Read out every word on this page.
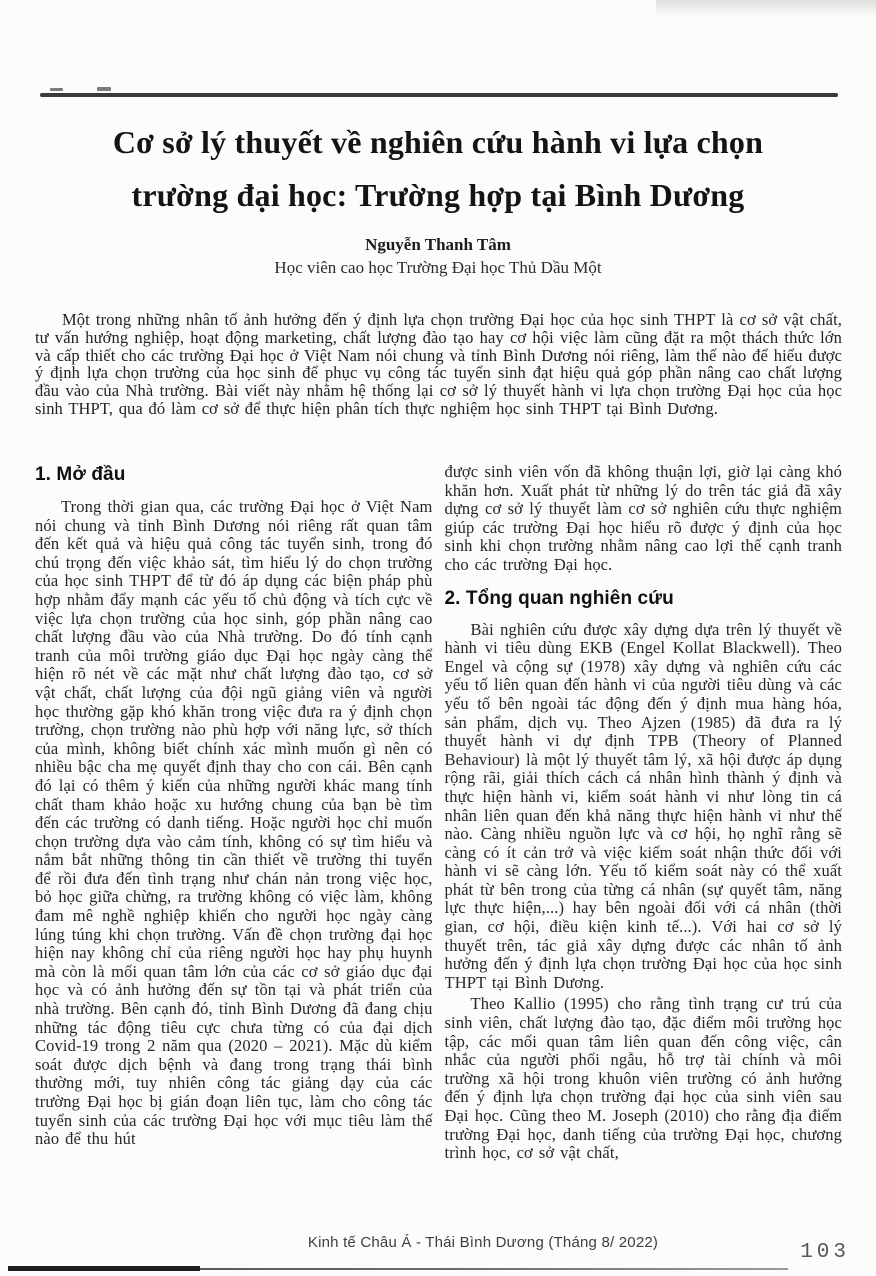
Cơ sở lý thuyết về nghiên cứu hành vi lựa chọn
trường đại học: Trường hợp tại Bình Dương
Nguyễn Thanh Tâm
Học viên cao học Trường Đại học Thủ Dầu Một

Một trong những nhân tố ảnh hưởng đến ý định lựa chọn trường Đại học của học sinh THPT là cơ sở vật chất, tư vấn hướng nghiệp, hoạt động marketing, chất lượng đào tạo hay cơ hội việc làm cũng đặt ra một thách thức lớn và cấp thiết cho các trường Đại học ở Việt Nam nói chung và tỉnh Bình Dương nói riêng, làm thế nào để hiểu được ý định lựa chọn trường của học sinh để phục vụ công tác tuyển sinh đạt hiệu quả góp phần nâng cao chất lượng đầu vào của Nhà trường. Bài viết này nhằm hệ thống lại cơ sở lý thuyết hành vi lựa chọn trường Đại học của học sinh THPT, qua đó làm cơ sở để thực hiện phân tích thực nghiệm học sinh THPT tại Bình Dương.

1. Mở đầu

Trong thời gian qua, các trường Đại học ở Việt Nam nói chung và tỉnh Bình Dương nói riêng rất quan tâm đến kết quả và hiệu quả công tác tuyển sinh, trong đó chú trọng đến việc khảo sát, tìm hiểu lý do chọn trường của học sinh THPT để từ đó áp dụng các biện pháp phù hợp nhằm đẩy mạnh các yếu tố chủ động và tích cực về việc lựa chọn trường của học sinh, góp phần nâng cao chất lượng đầu vào của Nhà trường. Do đó tính cạnh tranh của môi trường giáo dục Đại học ngày càng thể hiện rõ nét về các mặt như chất lượng đào tạo, cơ sở vật chất, chất lượng của đội ngũ giảng viên và người học thường gặp khó khăn trong việc đưa ra ý định chọn trường, chọn trường nào phù hợp với năng lực, sở thích của mình, không biết chính xác mình muốn gì nên có nhiều bậc cha mẹ quyết định thay cho con cái. Bên cạnh đó lại có thêm ý kiến của những người khác mang tính chất tham khảo hoặc xu hướng chung của bạn bè tìm đến các trường có danh tiếng. Hoặc người học chỉ muốn chọn trường dựa vào cảm tính, không có sự tìm hiểu và nắm bắt những thông tin cần thiết về trường thi tuyển để rồi đưa đến tình trạng như chán nản trong việc học, bỏ học giữa chừng, ra trường không có việc làm, không đam mê nghề nghiệp khiến cho người học ngày càng lúng túng khi chọn trường. Vấn đề chọn trường đại học hiện nay không chỉ của riêng người học hay phụ huynh mà còn là mối quan tâm lớn của các cơ sở giáo dục đại học và có ảnh hưởng đến sự tồn tại và phát triển của nhà trường. Bên cạnh đó, tỉnh Bình Dương đã đang chịu những tác động tiêu cực chưa từng có của đại dịch Covid-19 trong 2 năm qua (2020 – 2021). Mặc dù kiểm soát được dịch bệnh và đang trong trạng thái bình thường mới, tuy nhiên công tác giảng dạy của các trường Đại học bị gián đoạn liên tục, làm cho công tác tuyển sinh của các trường Đại học với mục tiêu làm thế nào để thu hút

được sinh viên vốn đã không thuận lợi, giờ lại càng khó khăn hơn. Xuất phát từ những lý do trên tác giả đã xây dựng cơ sở lý thuyết làm cơ sở nghiên cứu thực nghiệm giúp các trường Đại học hiểu rõ được ý định của học sinh khi chọn trường nhằm nâng cao lợi thế cạnh tranh cho các trường Đại học.

2. Tổng quan nghiên cứu

Bài nghiên cứu được xây dựng dựa trên lý thuyết về hành vi tiêu dùng EKB (Engel Kollat Blackwell). Theo Engel và cộng sự (1978) xây dựng và nghiên cứu các yếu tố liên quan đến hành vi của người tiêu dùng và các yếu tố bên ngoài tác động đến ý định mua hàng hóa, sản phẩm, dịch vụ. Theo Ajzen (1985) đã đưa ra lý thuyết hành vi dự định TPB (Theory of Planned Behaviour) là một lý thuyết tâm lý, xã hội được áp dụng rộng rãi, giải thích cách cá nhân hình thành ý định và thực hiện hành vi, kiểm soát hành vi như lòng tin cá nhân liên quan đến khả năng thực hiện hành vi như thế nào. Càng nhiều nguồn lực và cơ hội, họ nghĩ rằng sẽ càng có ít cản trở và việc kiểm soát nhận thức đối với hành vi sẽ càng lớn. Yếu tố kiểm soát này có thể xuất phát từ bên trong của từng cá nhân (sự quyết tâm, năng lực thực hiện,...) hay bên ngoài đối với cá nhân (thời gian, cơ hội, điều kiện kinh tế...). Với hai cơ sở lý thuyết trên, tác giả xây dựng được các nhân tố ảnh hưởng đến ý định lựa chọn trường Đại học của học sinh THPT tại Bình Dương.

Theo Kallio (1995) cho rằng tình trạng cư trú của sinh viên, chất lượng đào tạo, đặc điểm môi trường học tập, các mối quan tâm liên quan đến công việc, cân nhắc của người phối ngẫu, hỗ trợ tài chính và môi trường xã hội trong khuôn viên trường có ảnh hưởng đến ý định lựa chọn trường đại học của sinh viên sau Đại học. Cũng theo M. Joseph (2010) cho rằng địa điểm trường Đại học, danh tiếng của trường Đại học, chương trình học, cơ sở vật chất,

Kinh tế Châu Á - Thái Bình Dương (Tháng 8/ 2022)	103
